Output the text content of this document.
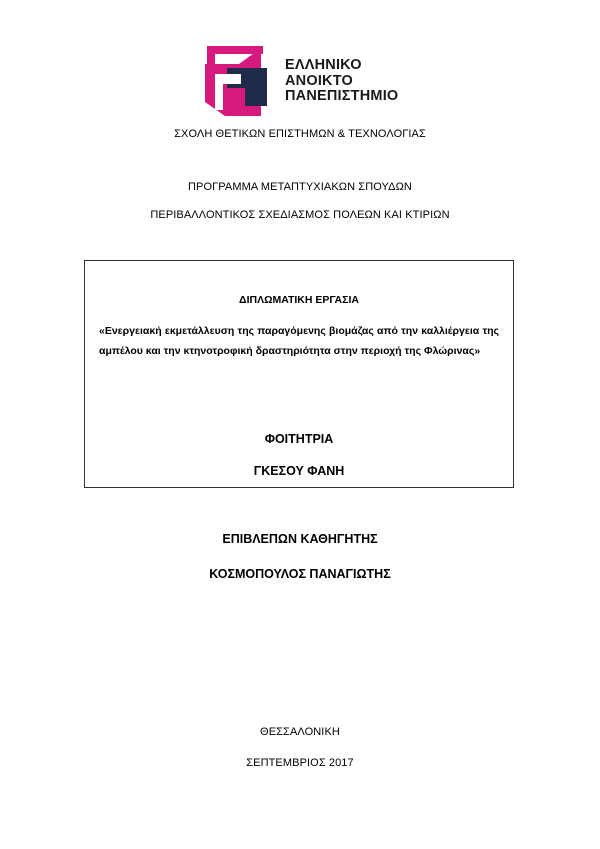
ΕΛΛΗΝΙΚΟ
ΑΝΟΙΚΤΟ
ΠΑΝΕΠΙΣΤΗΜΙΟ
ΣΧΟΛΗ ΘΕΤΙΚΩΝ ΕΠΙΣΤΗΜΩΝ & ΤΕΧΝΟΛΟΓΙΑΣ
ΠΡΟΓΡΑΜΜΑ ΜΕΤΑΠΤΥΧΙΑΚΩΝ ΣΠΟΥΔΩΝ
ΠΕΡΙΒΑΛΛΟΝΤΙΚΟΣ ΣΧΕΔΙΑΣΜΟΣ ΠΟΛΕΩΝ ΚΑΙ ΚΤΙΡΙΩΝ
ΔΙΠΛΩΜΑΤΙΚΗ ΕΡΓΑΣΙΑ
«Ενεργειακή εκμετάλλευση της παραγόμενης βιομάζας από την καλλιέργεια της αμπέλου και την κτηνοτροφική δραστηριότητα στην περιοχή της Φλώρινας»
ΦΟΙΤΗΤΡΙΑ
ΓΚΕΣΟΥ ΦΑΝΗ
ΕΠΙΒΛΕΠΩΝ ΚΑΘΗΓΗΤΗΣ
ΚΟΣΜΟΠΟΥΛΟΣ ΠΑΝΑΓΙΩΤΗΣ
ΘΕΣΣΑΛΟΝΙΚΗ
ΣΕΠΤΕΜΒΡΙΟΣ 2017
